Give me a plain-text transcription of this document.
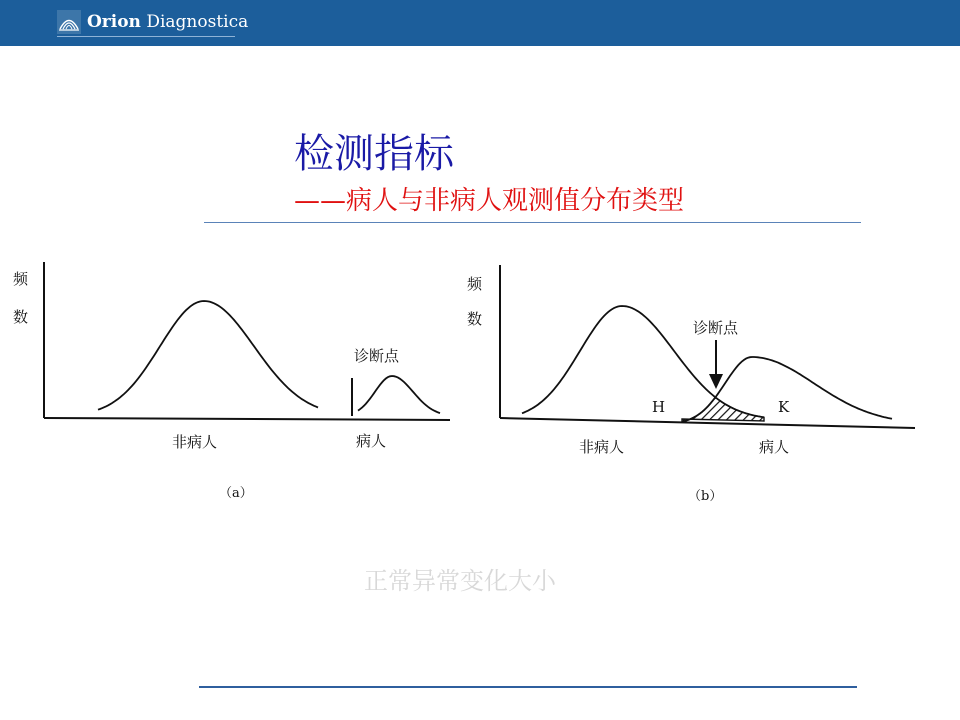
Orion Diagnostica
检测指标
——病人与非病人观测值分布类型
频
数
诊断点
非病人	病人
（a）
频
数	诊断点
H	K
非病人	病人
（b）
正常异常变化大小
